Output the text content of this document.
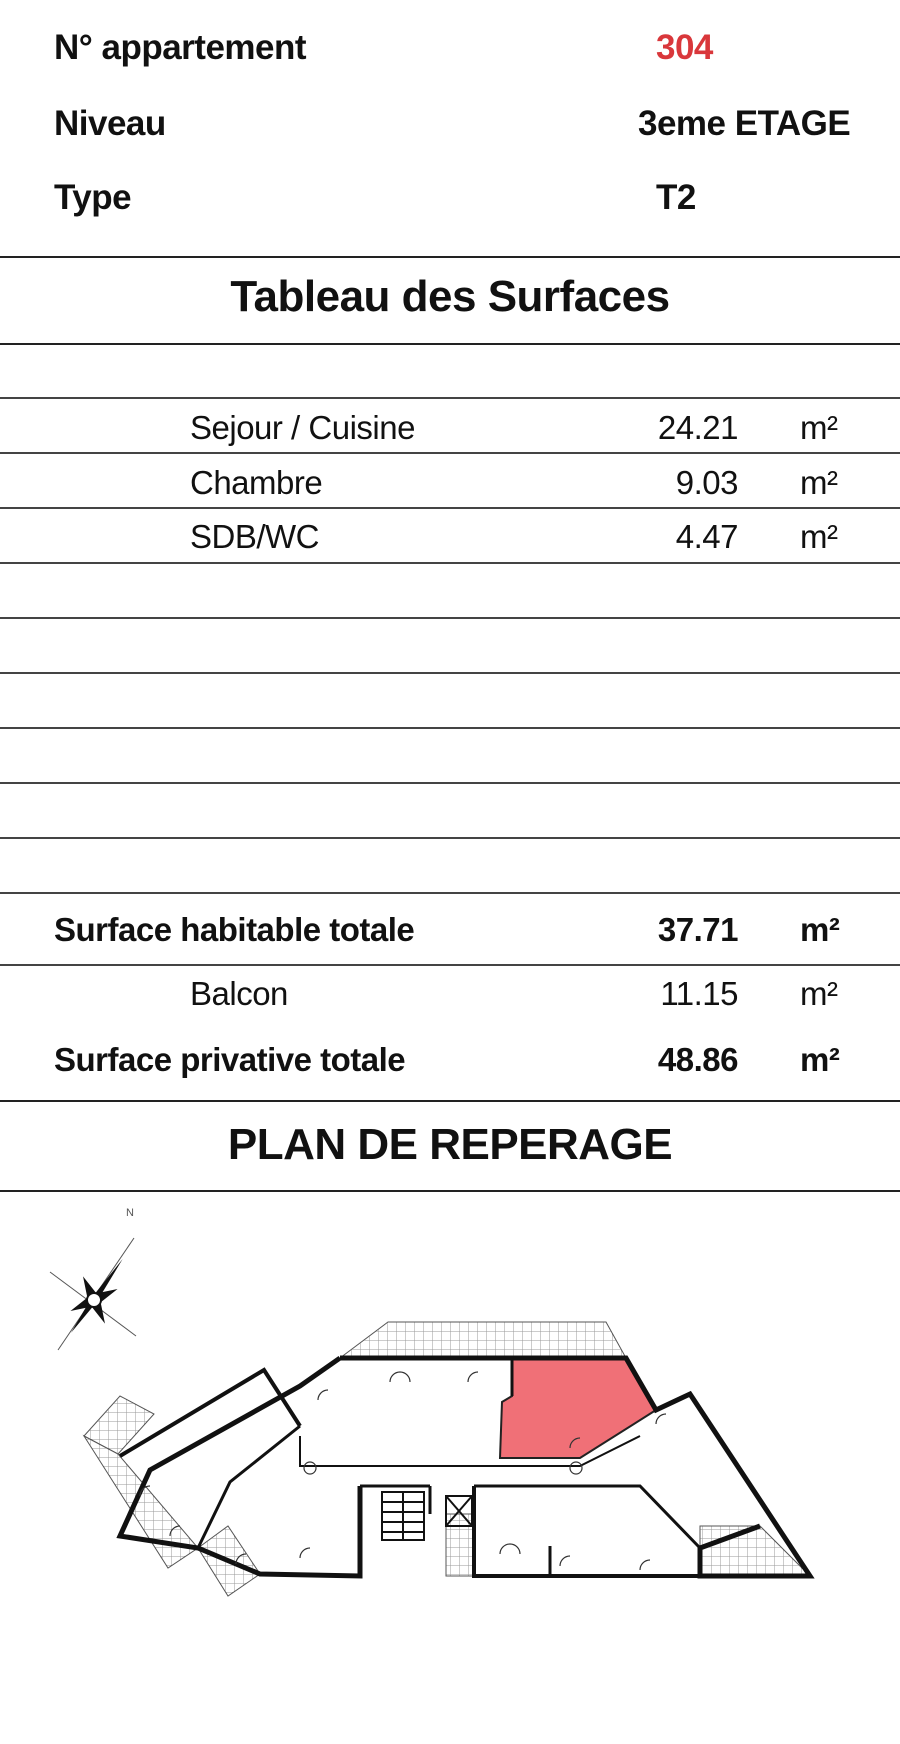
N° appartement	304
Niveau	3eme ETAGE
Type	T2
Tableau des Surfaces
Sejour / Cuisine	24.21 m²
Chambre	9.03 m²
SDB/WC	4.47 m²
Surface habitable totale	37.71 m²
Balcon	11.15 m²
Surface privative totale	48.86 m²
PLAN DE REPERAGE
N
